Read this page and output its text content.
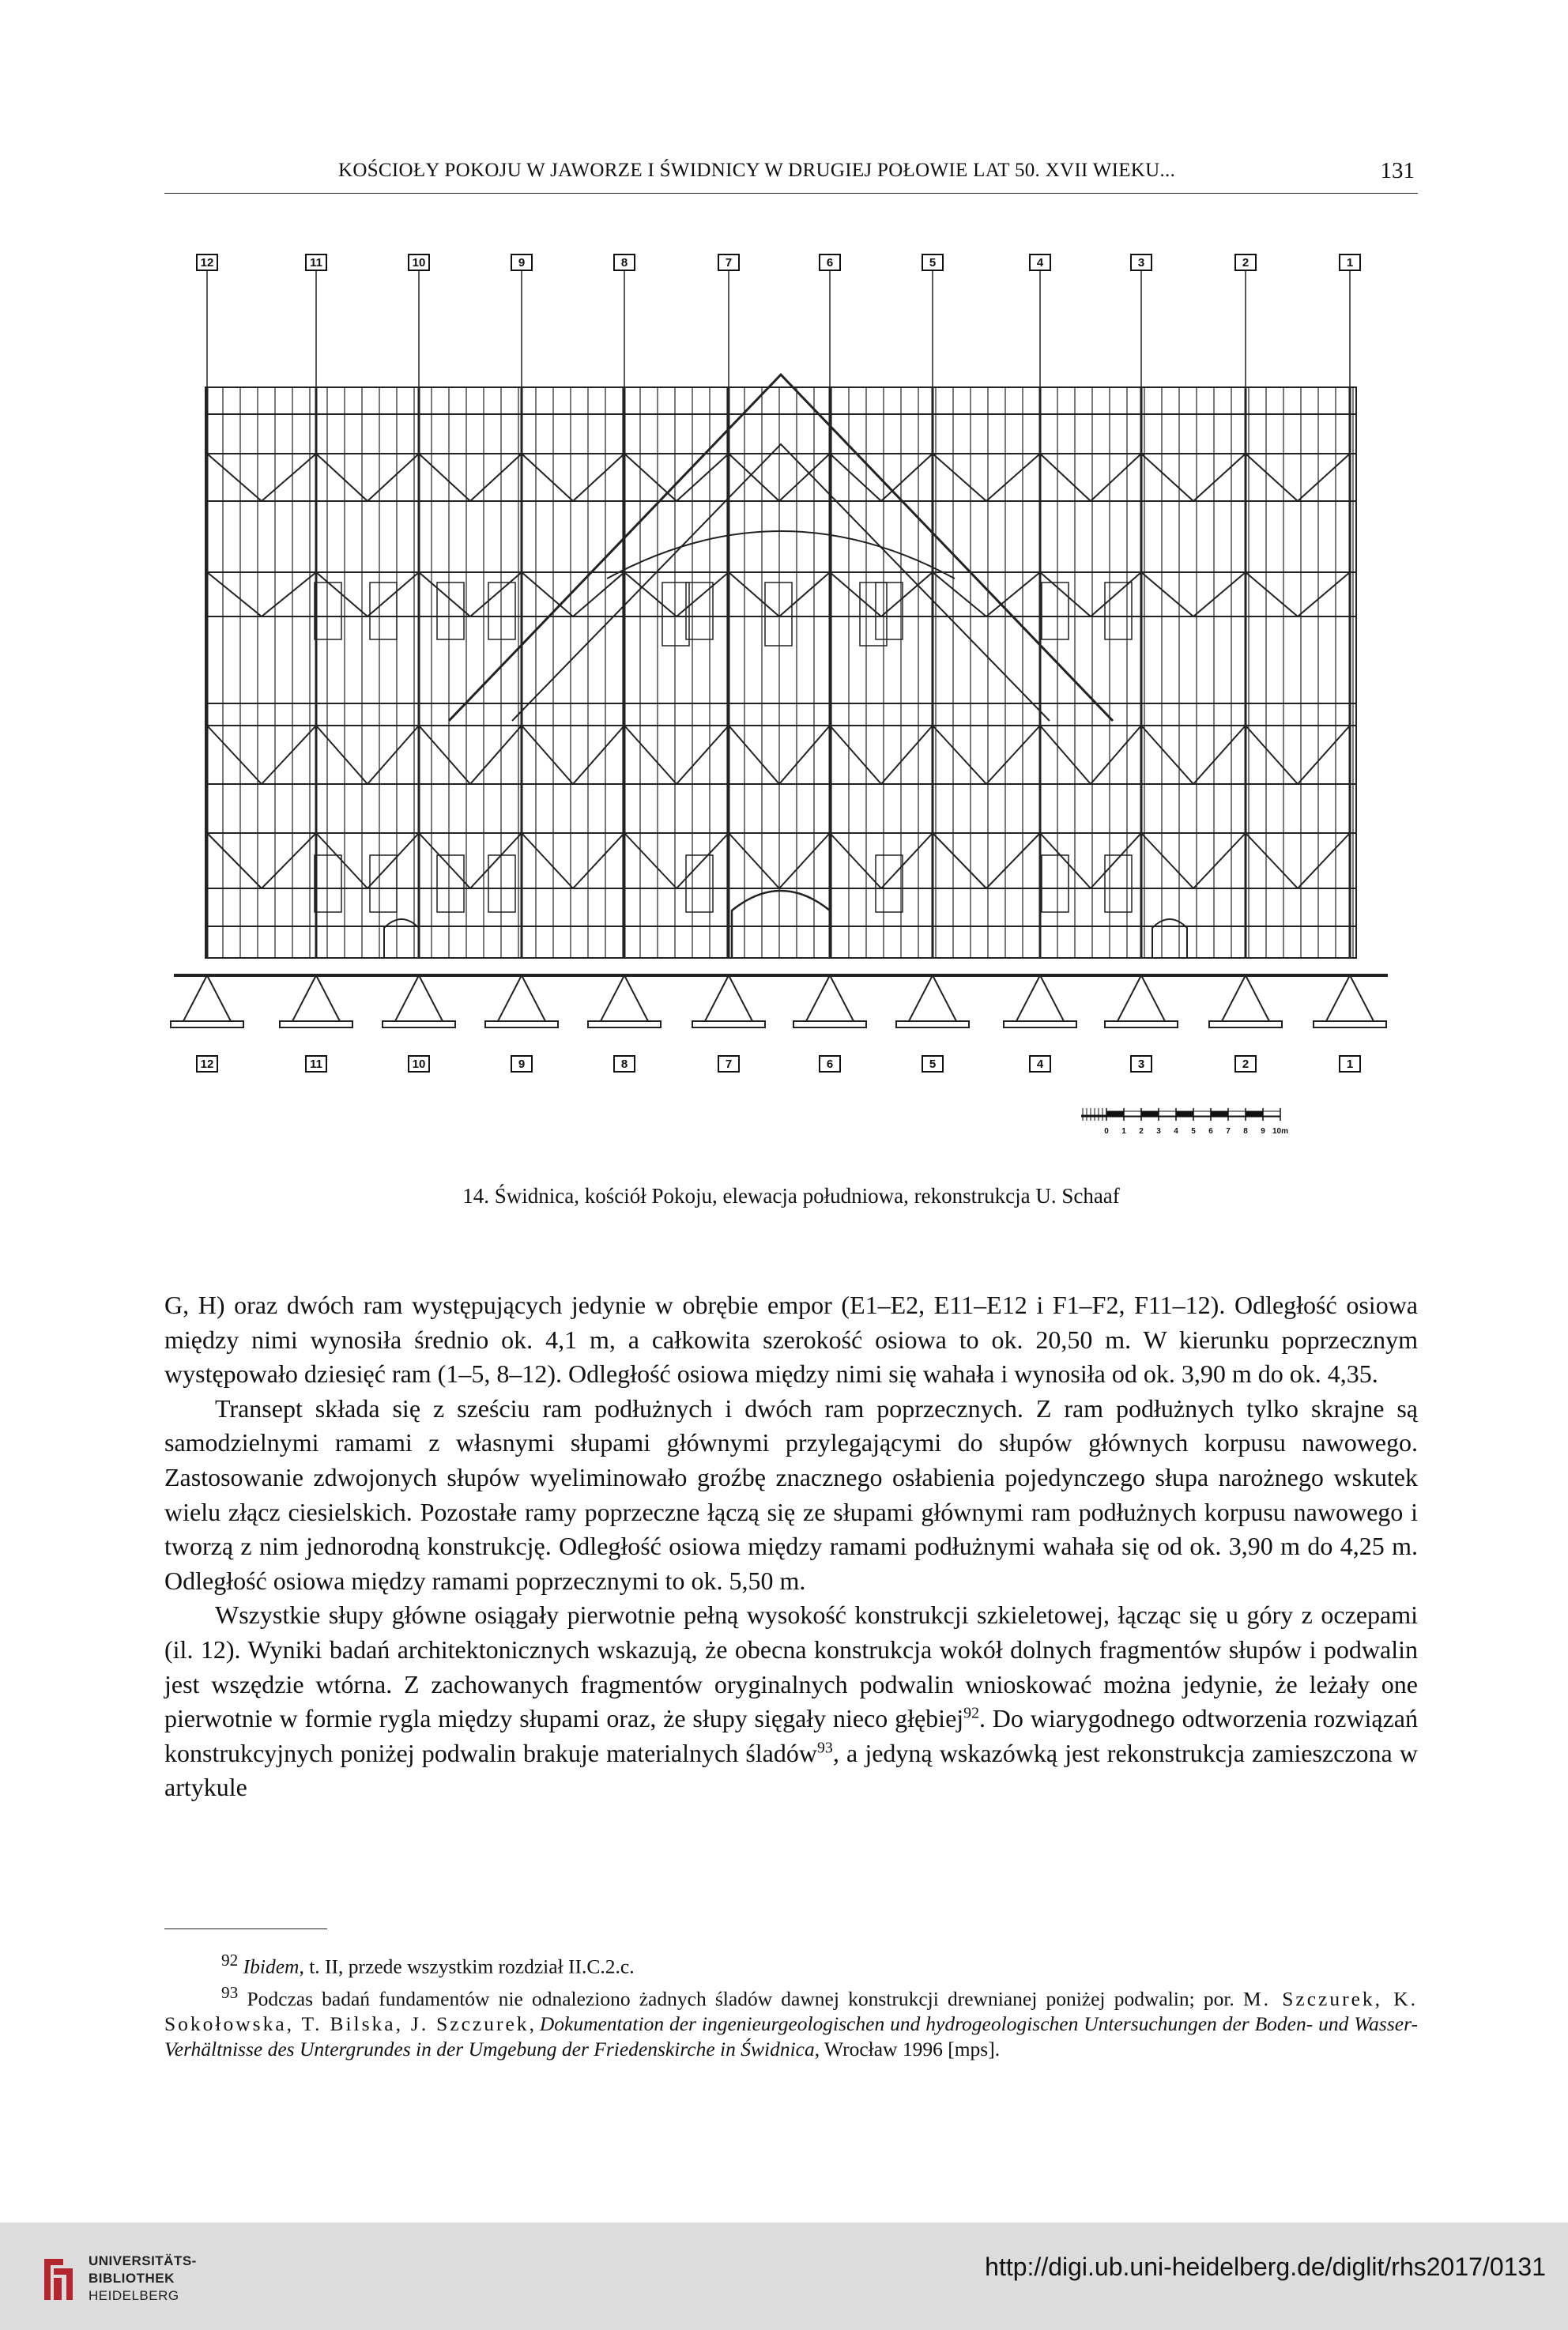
KOŚCIOŁY POKOJU W JAWORZE I ŚWIDNICY W DRUGIEJ POŁOWIE LAT 50. XVII WIEKU...	131
12	11	10	9	8	7	6	5	4	3	2	1
12	11	10	9	8	7	6	5	4	3	2	1
0 1 2 3 4 5 6 7 8 9 10m
14. Świdnica, kościół Pokoju, elewacja południowa, rekonstrukcja U. Schaaf

G, H) oraz dwóch ram występujących jedynie w obrębie empor (E1–E2, E11–E12 i F1–F2, F11–12). Odległość osiowa między nimi wynosiła średnio ok. 4,1 m, a całkowita szerokość osiowa to ok. 20,50 m. W kierunku poprzecznym występowało dziesięć ram (1–5, 8–12). Odległość osiowa między nimi się wahała i wynosiła od ok. 3,90 m do ok. 4,35.

Transept składa się z sześciu ram podłużnych i dwóch ram poprzecznych. Z ram podłużnych tylko skrajne są samodzielnymi ramami z własnymi słupami głównymi przylegającymi do słupów głównych korpusu nawowego. Zastosowanie zdwojonych słupów wyeliminowało groźbę znacznego osłabienia pojedynczego słupa narożnego wskutek wielu złącz ciesielskich. Pozostałe ramy poprzeczne łączą się ze słupami głównymi ram podłużnych korpusu nawowego i tworzą z nim jednorodną konstrukcję. Odległość osiowa między ramami podłużnymi wahała się od ok. 3,90 m do 4,25 m. Odległość osiowa między ramami poprzecznymi to ok. 5,50 m.

Wszystkie słupy główne osiągały pierwotnie pełną wysokość konstrukcji szkieletowej, łącząc się u góry z oczepami (il. 12). Wyniki badań architektonicznych wskazują, że obecna konstrukcja wokół dolnych fragmentów słupów i podwalin jest wszędzie wtórna. Z zachowanych fragmentów oryginalnych podwalin wnioskować można jedynie, że leżały one pierwotnie w formie rygla między słupami oraz, że słupy sięgały nieco głębiej$^{92}$. Do wiarygodnego odtworzenia rozwiązań konstrukcyjnych poniżej podwalin brakuje materialnych śladów$^{93}$, a jedyną wskazówką jest rekonstrukcja zamieszczona w artykule

$^{92}$ Ibidem, t. II, przede wszystkim rozdział II.C.2.c.

$^{93}$ Podczas badań fundamentów nie odnaleziono żadnych śladów dawnej konstrukcji drewnianej poniżej podwalin; por. M. Szczurek, K. Sokołowska, T. Bilska, J. Szczurek, Dokumentation der ingenieurgeologischen und hydrogeologischen Untersuchungen der Boden- und Wasser-Verhältnisse des Untergrundes in der Umgebung der Friedenskirche in Świdnica, Wrocław 1996 [mps].

UNIVERSITÄTS-
BIBLIOTHEK
HEIDELBERG
http://digi.ub.uni-heidelberg.de/diglit/rhs2017/0131
